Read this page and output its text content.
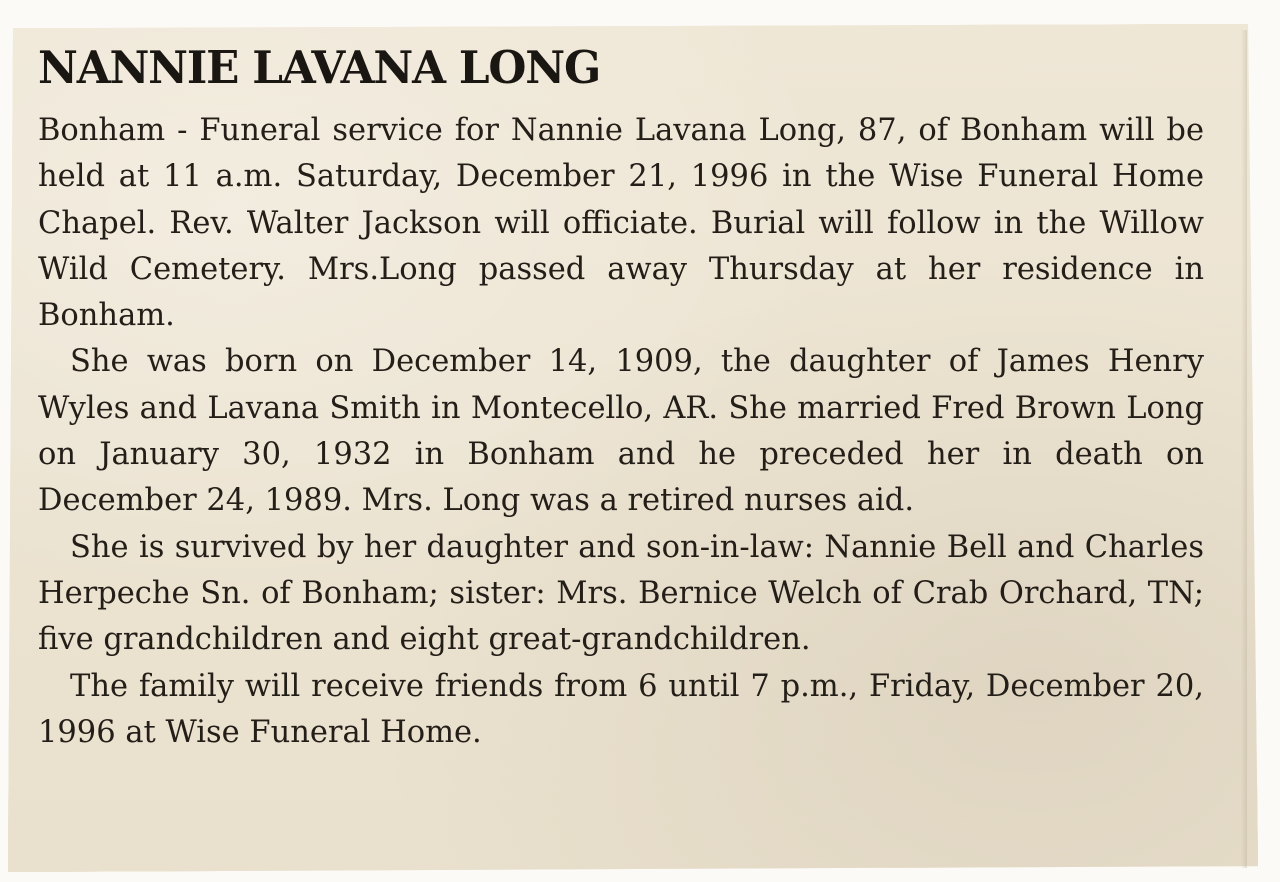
NANNIE LAVANA LONG

Bonham - Funeral service for Nannie Lavana Long, 87, of Bonham will be held at 11 a.m. Saturday, December 21, 1996 in the Wise Funeral Home Chapel. Rev. Walter Jackson will officiate. Burial will follow in the Willow Wild Cemetery. Mrs.Long passed away Thursday at her residence in Bonham.

She was born on December 14, 1909, the daughter of James Henry Wyles and Lavana Smith in Montecello, AR. She married Fred Brown Long on January 30, 1932 in Bonham and he preceded her in death on December 24, 1989. Mrs. Long was a retired nurses aid.

She is survived by her daughter and son-in-law: Nannie Bell and Charles Herpeche Sn. of Bonham; sister: Mrs. Bernice Welch of Crab Orchard, TN; five grandchildren and eight great-grandchildren.

The family will receive friends from 6 until 7 p.m., Friday, December 20, 1996 at Wise Funeral Home.
